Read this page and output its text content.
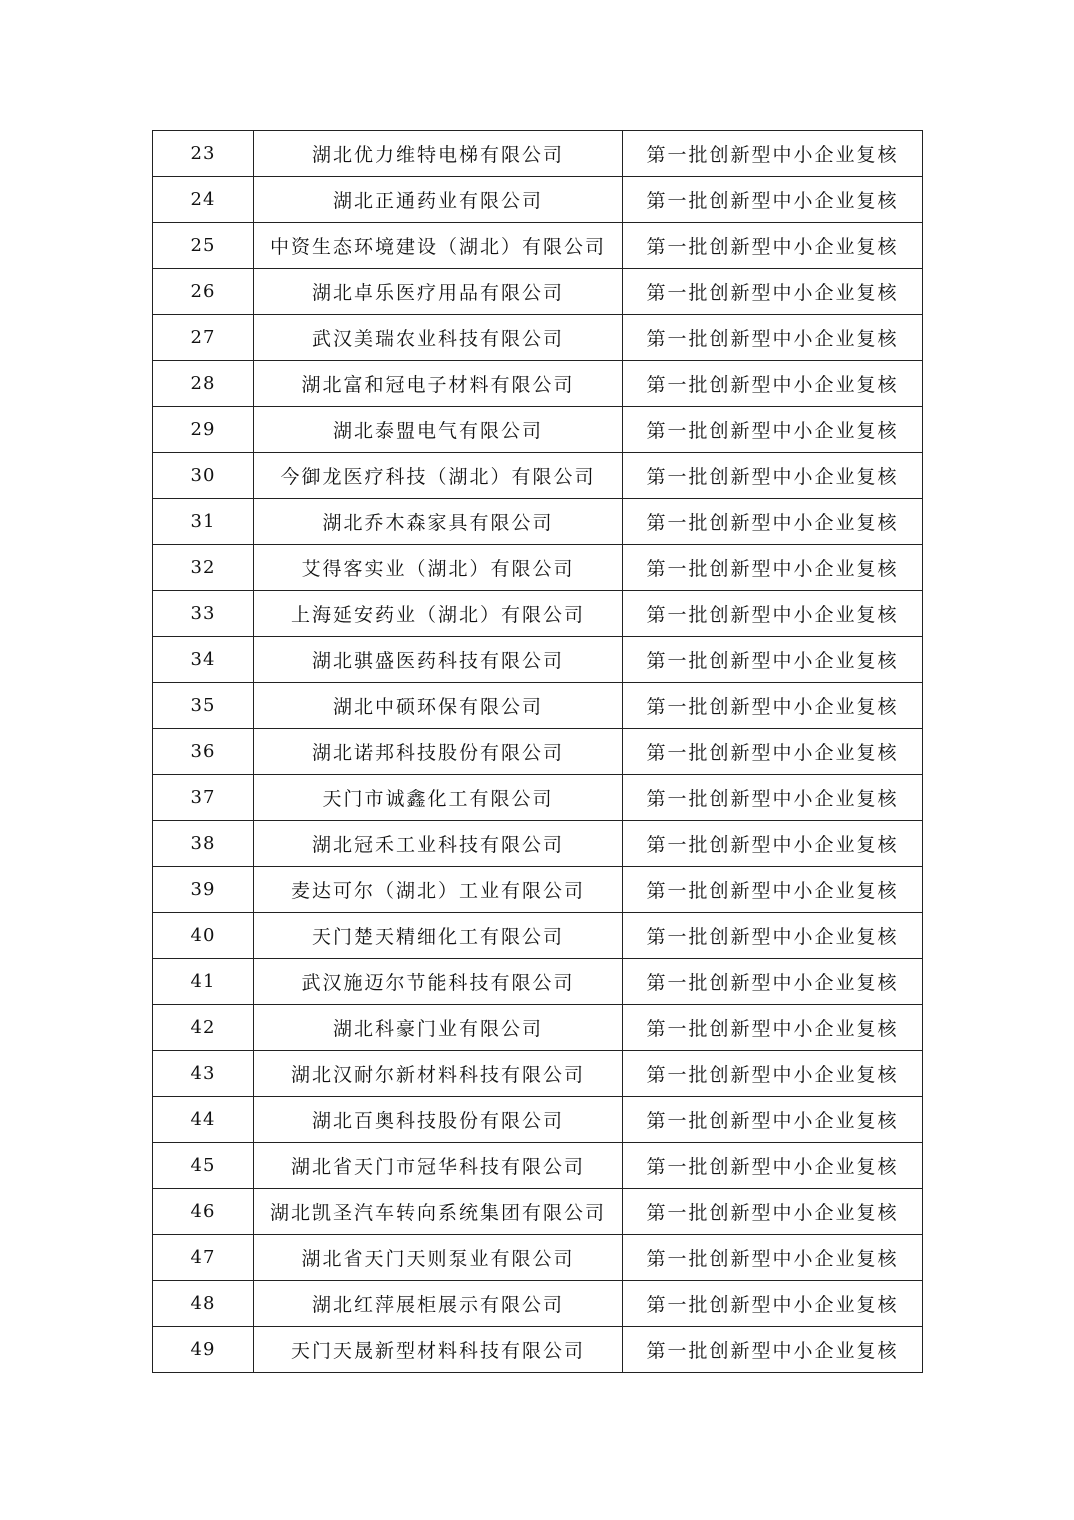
23	湖北优力维特电梯有限公司	第一批创新型中小企业复核
24	湖北正通药业有限公司	第一批创新型中小企业复核
25	中资生态环境建设（湖北）有限公司	第一批创新型中小企业复核
26	湖北卓乐医疗用品有限公司	第一批创新型中小企业复核
27	武汉美瑞农业科技有限公司	第一批创新型中小企业复核
28	湖北富和冠电子材料有限公司	第一批创新型中小企业复核
29	湖北泰盟电气有限公司	第一批创新型中小企业复核
30	今御龙医疗科技（湖北）有限公司	第一批创新型中小企业复核
31	湖北乔木森家具有限公司	第一批创新型中小企业复核
32	艾得客实业（湖北）有限公司	第一批创新型中小企业复核
33	上海延安药业（湖北）有限公司	第一批创新型中小企业复核
34	湖北骐盛医药科技有限公司	第一批创新型中小企业复核
35	湖北中硕环保有限公司	第一批创新型中小企业复核
36	湖北诺邦科技股份有限公司	第一批创新型中小企业复核
37	天门市诚鑫化工有限公司	第一批创新型中小企业复核
38	湖北冠禾工业科技有限公司	第一批创新型中小企业复核
39	麦达可尔（湖北）工业有限公司	第一批创新型中小企业复核
40	天门楚天精细化工有限公司	第一批创新型中小企业复核
41	武汉施迈尔节能科技有限公司	第一批创新型中小企业复核
42	湖北科豪门业有限公司	第一批创新型中小企业复核
43	湖北汉耐尔新材料科技有限公司	第一批创新型中小企业复核
44	湖北百奥科技股份有限公司	第一批创新型中小企业复核
45	湖北省天门市冠华科技有限公司	第一批创新型中小企业复核
46	湖北凯圣汽车转向系统集团有限公司	第一批创新型中小企业复核
47	湖北省天门天则泵业有限公司	第一批创新型中小企业复核
48	湖北红萍展柜展示有限公司	第一批创新型中小企业复核
49	天门天晟新型材料科技有限公司	第一批创新型中小企业复核
